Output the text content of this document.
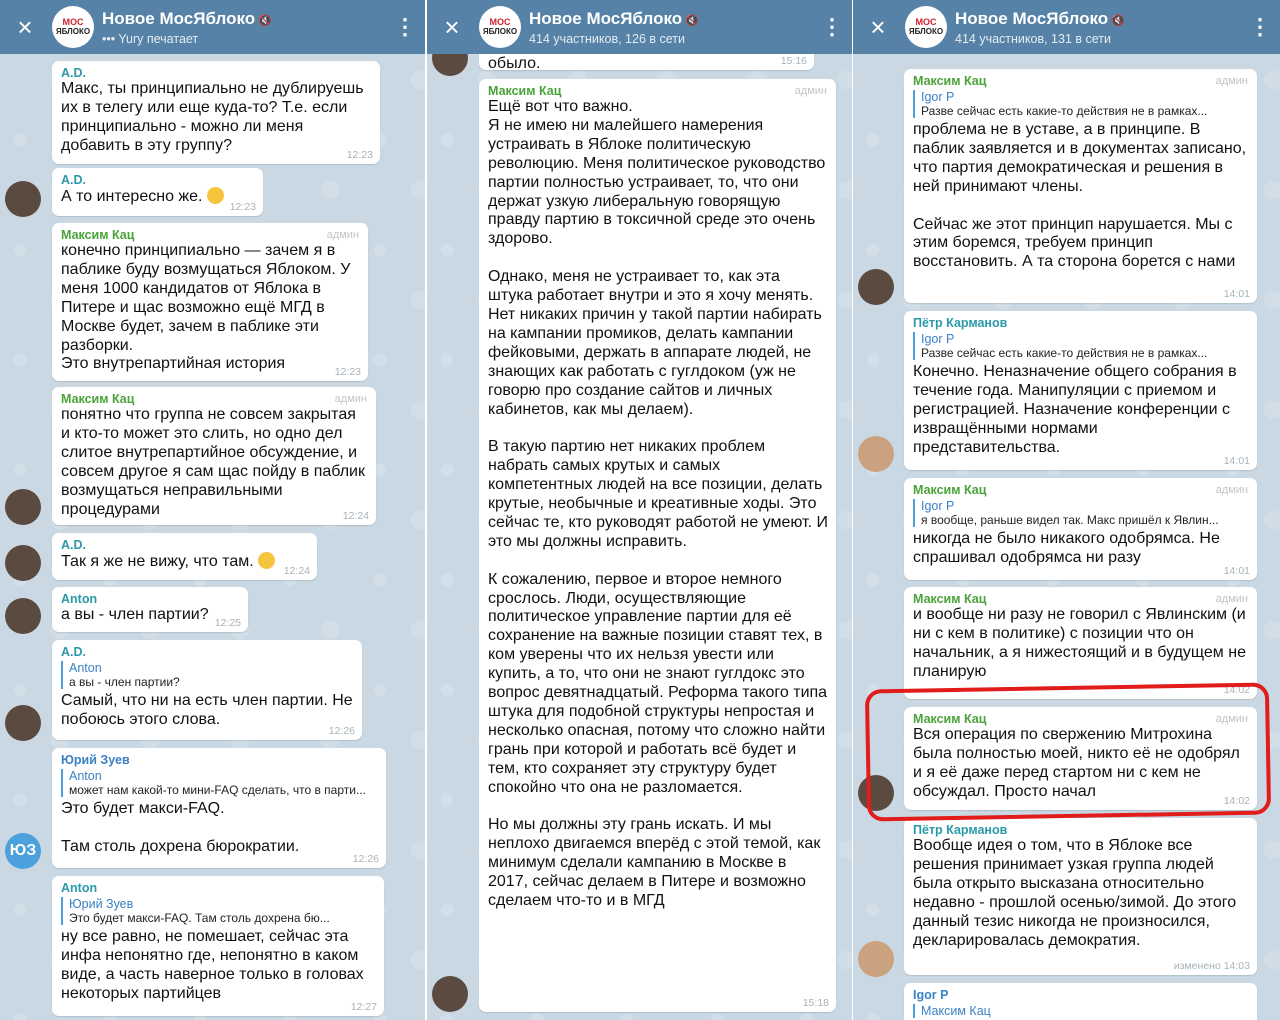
×	МОС
ЯБЛОКО
Новое МосЯблоко 🔇
••• Yury печатает	⋮
A.D.
Макс, ты принципиально не дублируешь их в телегу или еще куда-то? Т.е. если принципиально - можно ли меня добавить в эту группу?
12:23
A.D.
А то интересно же.
12:23
Максим Кац	админ
конечно принципиально — зачем я в паблике буду возмущаться Яблоком. У меня 1000 кандидатов от Яблока в Питере и щас возможно ещё МГД в Москве будет, зачем в паблике эти разборки.
Это внутрепартийная история	12:23
Максим Кац	админ
понятно что группа не совсем закрытая и кто-то может это слить, но одно дел слитое внутрепартийное обсуждение, и совсем другое я сам щас пойду в паблик возмущаться неправильными процедурами	12:24
A.D.
Так я же не вижу, что там.
12:24
Anton
а вы - член партии? 12:25
A.D.
Anton
а вы - член партии?
Самый, что ни на есть член партии. Не побоюсь этого слова.
12:26
ЮЗ
Юрий Зуев
Anton
может нам какой-то мини-FAQ сделать, что в парти...
Это будет макси-FAQ.

Там столь дохрена бюрократии.
12:26
Anton
Юрий Зуев
Это будет макси-FAQ. Там столь дохрена бю...
ну все равно, не помешает, сейчас эта инфа непонятно где, непонятно в каком виде, а часть наверное только в головах некоторых партийцев
12:27
обыло.	15:16
×	МОС
ЯБЛОКО
Новое МосЯблоко 🔇
414 участников, 126 в сети	⋮
Максим Кац	админ
Ещё вот что важно.
Я не имею ни малейшего намерения устраивать в Яблоке политическую революцию. Меня политическое руководство партии полностью устраивает, то, что они держат узкую либеральную говорящую правду партию в токсичной среде это очень здорово.

Однако, меня не устраивает то, как эта штука работает внутри и это я хочу менять. Нет никаких причин у такой партии набирать на кампании промиков, делать кампании фейковыми, держать в аппарате людей, не знающих как работать с гуглдоком (уж не говорю про создание сайтов и личных кабинетов, как мы делаем).

В такую партию нет никаких проблем набрать самых крутых и самых компетентных людей на все позиции, делать крутые, необычные и креативные ходы. Это сейчас те, кто руководят работой не умеют. И это мы должны исправить.

К сожалению, первое и второе немного срослось. Люди, осуществляющие политическое управление партии для её сохранение на важные позиции ставят тех, в ком уверены что их нельзя увести или купить, а то, что они не знают гуглдокс это вопрос девятнадцатый. Реформа такого типа штука для подобной структуры непростая и несколько опасная, потому что сложно найти грань при которой и работать всё будет и тем, кто сохраняет эту структуру будет спокойно что она не разломается.

Но мы должны эту грань искать. И мы неплохо двигаемся вперёд с этой темой, как минимум сделали кампанию в Москве в 2017, сейчас делаем в Питере и возможно сделаем что-то и в МГД
15:18
×	МОС
ЯБЛОКО
Новое МосЯблоко 🔇
414 участников, 131 в сети	⋮
Максим Кац	админ
Igor P
Разве сейчас есть какие-то действия не в рамках...
проблема не в уставе, а в принципе. В паблик заявляется и в документах записано, что партия демократическая и решения в ней принимают члены.

Сейчас же этот принцип нарушается. Мы с этим боремся, требуем принцип восстановить. А та сторона борется с нами
14:01
Пётр Карманов
Igor P
Разве сейчас есть какие-то действия не в рамках...
Конечно. Неназначение общего собрания в течение года. Манипуляции с приемом и регистрацией. Назначение конференции с извращёнными нормами представительства.
14:01
Максим Кац	админ
Igor P
я вообще, раньше видел так. Макс пришёл к Явлин...
никогда не было никакого одобрямса. Не спрашивал одобрямса ни разу
14:01
Максим Кац	админ
и вообще ни разу не говорил с Явлинским (и ни с кем в политике) с позиции что он начальник, а я нижестоящий и в будущем не планирую
14:02
Максим Кац	админ
Вся операция по свержению Митрохина была полностью моей, никто её не одобрял и я её даже перед стартом ни с кем не обсуждал. Просто начал
14:02
Пётр Карманов
Вообще идея о том, что в Яблоке все решения принимает узкая группа людей была открыто высказана относительно недавно - прошлой осенью/зимой. До этого данный тезис никогда не произносился, декларировалась демократия.
изменено 14:03
Igor P
Максим Кац
